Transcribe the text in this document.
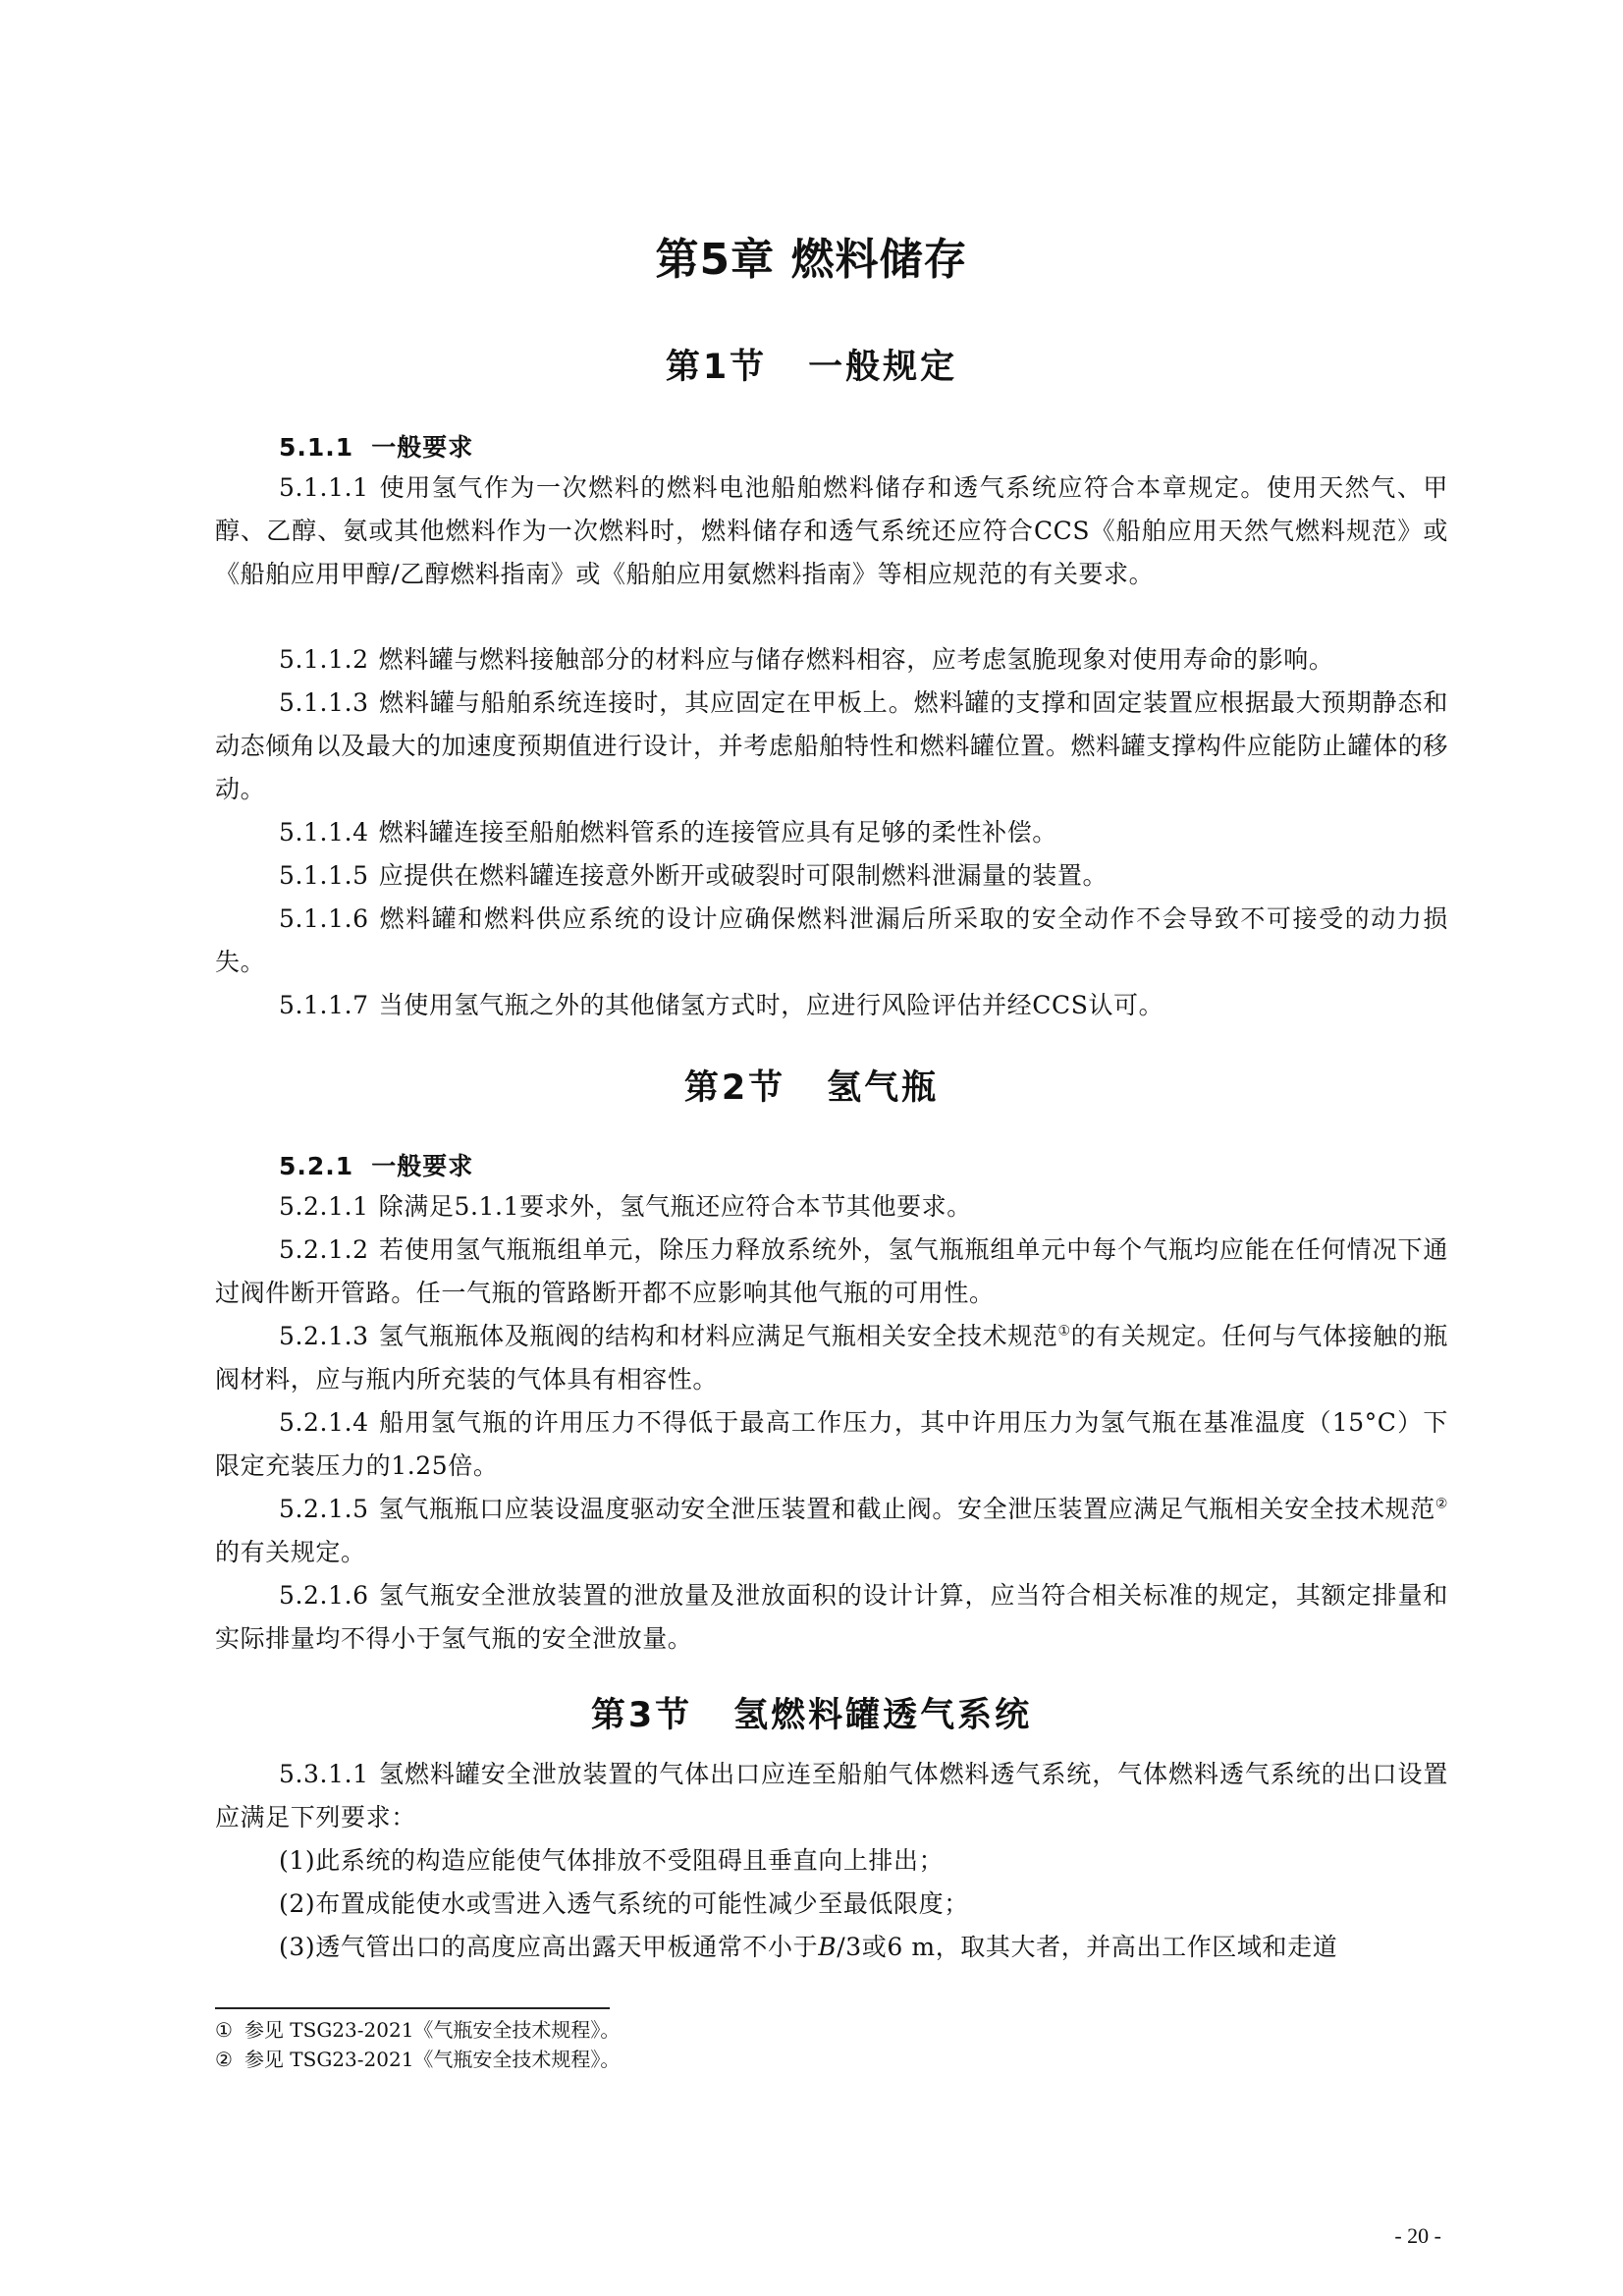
第5章 燃料储存
第1节 一般规定
5.1.1 一般要求

5.1.1.1 使用氢气作为一次燃料的燃料电池船舶燃料储存和透气系统应符合本章规定。使用天然气、甲醇、乙醇、氨或其他燃料作为一次燃料时，燃料储存和透气系统还应符合CCS《船舶应用天然气燃料规范》或《船舶应用甲醇/乙醇燃料指南》或《船舶应用氨燃料指南》等相应规范的有关要求。

5.1.1.2 燃料罐与燃料接触部分的材料应与储存燃料相容，应考虑氢脆现象对使用寿命的影响。

5.1.1.3 燃料罐与船舶系统连接时，其应固定在甲板上。燃料罐的支撑和固定装置应根据最大预期静态和动态倾角以及最大的加速度预期值进行设计，并考虑船舶特性和燃料罐位置。燃料罐支撑构件应能防止罐体的移动。

5.1.1.4 燃料罐连接至船舶燃料管系的连接管应具有足够的柔性补偿。

5.1.1.5 应提供在燃料罐连接意外断开或破裂时可限制燃料泄漏量的装置。

5.1.1.6 燃料罐和燃料供应系统的设计应确保燃料泄漏后所采取的安全动作不会导致不可接受的动力损失。

5.1.1.7 当使用氢气瓶之外的其他储氢方式时，应进行风险评估并经CCS认可。

第2节 氢气瓶
5.2.1 一般要求

5.2.1.1 除满足5.1.1要求外，氢气瓶还应符合本节其他要求。

5.2.1.2 若使用氢气瓶瓶组单元，除压力释放系统外，氢气瓶瓶组单元中每个气瓶均应能在任何情况下通过阀件断开管路。任一气瓶的管路断开都不应影响其他气瓶的可用性。

5.2.1.3 氢气瓶瓶体及瓶阀的结构和材料应满足气瓶相关安全技术规范①的有关规定。任何与气体接触的瓶阀材料，应与瓶内所充装的气体具有相容性。

5.2.1.4 船用氢气瓶的许用压力不得低于最高工作压力，其中许用压力为氢气瓶在基准温度（15°C）下限定充装压力的1.25倍。

5.2.1.5 氢气瓶瓶口应装设温度驱动安全泄压装置和截止阀。安全泄压装置应满足气瓶相关安全技术规范②的有关规定。

5.2.1.6 氢气瓶安全泄放装置的泄放量及泄放面积的设计计算，应当符合相关标准的规定，其额定排量和实际排量均不得小于氢气瓶的安全泄放量。

第3节 氢燃料罐透气系统

5.3.1.1 氢燃料罐安全泄放装置的气体出口应连至船舶气体燃料透气系统，气体燃料透气系统的出口设置应满足下列要求：

(1)此系统的构造应能使气体排放不受阻碍且垂直向上排出；

(2)布置成能使水或雪进入透气系统的可能性减少至最低限度；

(3)透气管出口的高度应高出露天甲板通常不小于B/3或6 m，取其大者，并高出工作区域和走道

① 参见 TSG23-2021《气瓶安全技术规程》。

② 参见 TSG23-2021《气瓶安全技术规程》。

- 20 -
